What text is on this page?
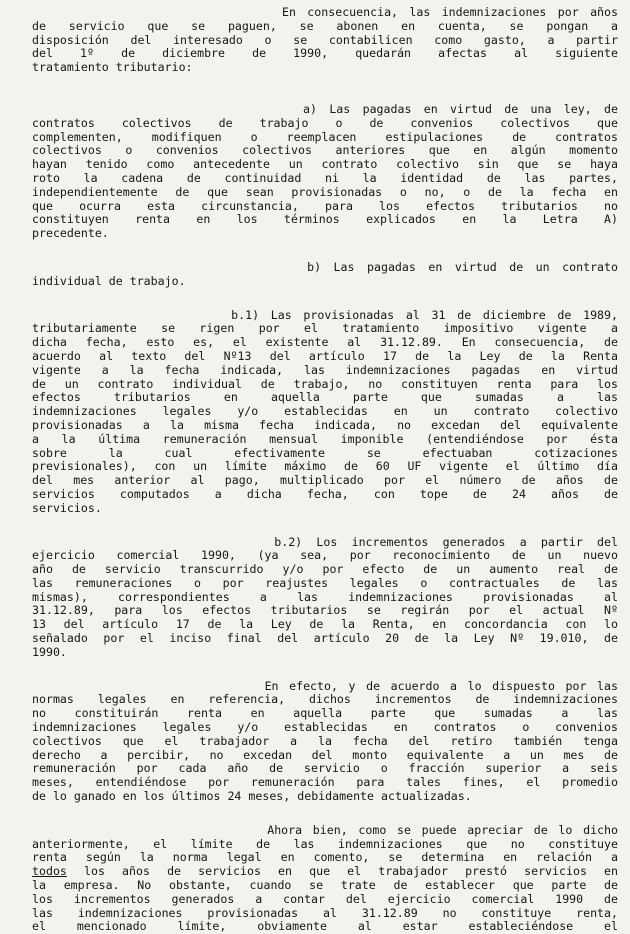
En consecuencia, las indemnizaciones por años
de servicio que se paguen, se abonen en cuenta, se pongan a
disposición del interesado o se contabilicen como gasto, a partir
del 1º de diciembre de 1990, quedarán afectas al siguiente
tratamiento tributario:
a) Las pagadas en virtud de una ley, de
contratos colectivos de trabajo o de convenios colectivos que
complementen, modifiquen o reemplacen estipulaciones de contratos
colectivos o convenios colectivos anteriores que en algún momento
hayan tenido como antecedente un contrato colectivo sin que se haya
roto la cadena de continuidad ni la identidad de las partes,
independientemente de que sean provisionadas o no, o de la fecha en
que ocurra esta circunstancia, para los efectos tributarios no
constituyen renta en los términos explicados en la Letra A)
precedente.
b) Las pagadas en virtud de un contrato
individual de trabajo.
b.1) Las provisionadas al 31 de diciembre de 1989,
tributariamente se rigen por el tratamiento impositivo vigente a
dicha fecha, esto es, el existente al 31.12.89. En consecuencia, de
acuerdo al texto del Nº13 del artículo 17 de la Ley de la Renta
vigente a la fecha indicada, las indemnizaciones pagadas en virtud
de un contrato individual de trabajo, no constituyen renta para los
efectos tributarios en aquella parte que sumadas a las
indemnizaciones legales y/o establecidas en un contrato colectivo
provisionadas a la misma fecha indicada, no excedan del equivalente
a la última remuneración mensual imponible (entendiéndose por ésta
sobre la cual efectivamente se efectuaban cotizaciones
previsionales), con un límite máximo de 60 UF vigente el último día
del mes anterior al pago, multiplicado por el número de años de
servicios computados a dicha fecha, con tope de 24 años de
servicios.
b.2) Los incrementos generados a partir del
ejercicio comercial 1990, (ya sea, por reconocimiento de un nuevo
año de servicio transcurrido y/o por efecto de un aumento real de
las remuneraciones o por reajustes legales o contractuales de las
mismas), correspondientes a las indemnizaciones provisionadas al
31.12.89, para los efectos tributarios se regirán por el actual Nº
13 del artículo 17 de la Ley de la Renta, en concordancia con lo
señalado por el inciso final del artículo 20 de la Ley Nº 19.010, de
1990.
En efecto, y de acuerdo a lo dispuesto por las
normas legales en referencia, dichos incrementos de indemnizaciones
no constituirán renta en aquella parte que sumadas a las
indemnizaciones legales y/o establecidas en contratos o convenios
colectivos que el trabajador a la fecha del retiro también tenga
derecho a percibir, no excedan del monto equivalente a un mes de
remuneración por cada año de servicio o fracción superior a seis
meses, entendiéndose por remuneración para tales fines, el promedio
de lo ganado en los últimos 24 meses, debidamente actualizadas.
Ahora bien, como se puede apreciar de lo dicho
anteriormente, el límite de las indemnizaciones que no constituye
renta según la norma legal en comento, se determina en relación a
todos los años de servicios en que el trabajador prestó servicios en
la empresa. No obstante, cuando se trate de establecer que parte de
los incrementos generados a contar del ejercicio comercial 1990 de
las indemnizaciones provisionadas al 31.12.89 no constituye renta,
el mencionado límite, obviamente al estar estableciéndose el
